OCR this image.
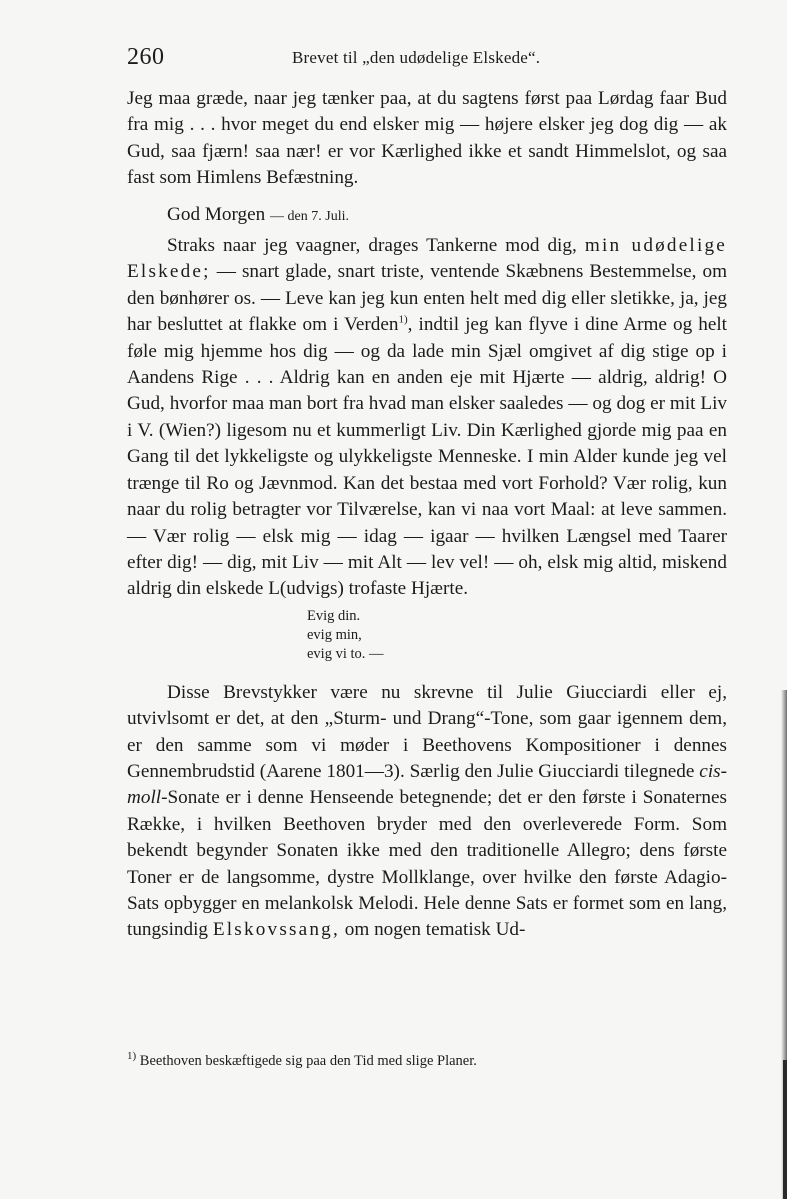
260	Brevet til „den udødelige Elskede“.

Jeg maa græde, naar jeg tænker paa, at du sagtens først paa Lørdag faar Bud fra mig . . . hvor meget du end elsker mig — højere elsker jeg dog dig — ak Gud, saa fjærn! saa nær! er vor Kærlighed ikke et sandt Himmelslot, og saa fast som Himlens Befæstning.

God Morgen — den 7. Juli.

Straks naar jeg vaagner, drages Tankerne mod dig, min udødelige Elskede; — snart glade, snart triste, ventende Skæbnens Bestemmelse, om den bønhører os. — Leve kan jeg kun enten helt med dig eller sletikke, ja, jeg har besluttet at flakke om i Verden$^{1)}$, indtil jeg kan flyve i dine Arme og helt føle mig hjemme hos dig — og da lade min Sjæl omgivet af dig stige op i Aandens Rige . . . Aldrig kan en anden eje mit Hjærte — aldrig, aldrig! O Gud, hvorfor maa man bort fra hvad man elsker saaledes — og dog er mit Liv i V. (Wien?) ligesom nu et kummerligt Liv. Din Kærlighed gjorde mig paa en Gang til det lykkeligste og ulykkeligste Menneske. I min Alder kunde jeg vel trænge til Ro og Jævnmod. Kan det bestaa med vort Forhold? Vær rolig, kun naar du rolig betragter vor Tilværelse, kan vi naa vort Maal: at leve sammen. — Vær rolig — elsk mig — idag — igaar — hvilken Længsel med Taarer efter dig! — dig, mit Liv — mit Alt — lev vel! — oh, elsk mig altid, miskend aldrig din elskede L(udvigs) trofaste Hjærte.

Evig din.
evig min,
evig vi to. —

Disse Brevstykker være nu skrevne til Julie Giucciardi eller ej, utvivlsomt er det, at den „Sturm- und Drang“-Tone, som gaar igennem dem, er den samme som vi møder i Beethovens Kompositioner i dennes Gennembrudstid (Aarene 1801—3). Særlig den Julie Giucciardi tilegnede cis-moll-Sonate er i denne Henseende betegnende; det er den første i Sonaternes Række, i hvilken Beethoven bryder med den overleverede Form. Som bekendt begynder Sonaten ikke med den traditionelle Allegro; dens første Toner er de langsomme, dystre Mollklange, over hvilke den første Adagio-Sats opbygger en melankolsk Melodi. Hele denne Sats er formet som en lang, tungsindig Elskovssang, om nogen tematisk Ud-

$^{1)}$ Beethoven beskæftigede sig paa den Tid med slige Planer.
